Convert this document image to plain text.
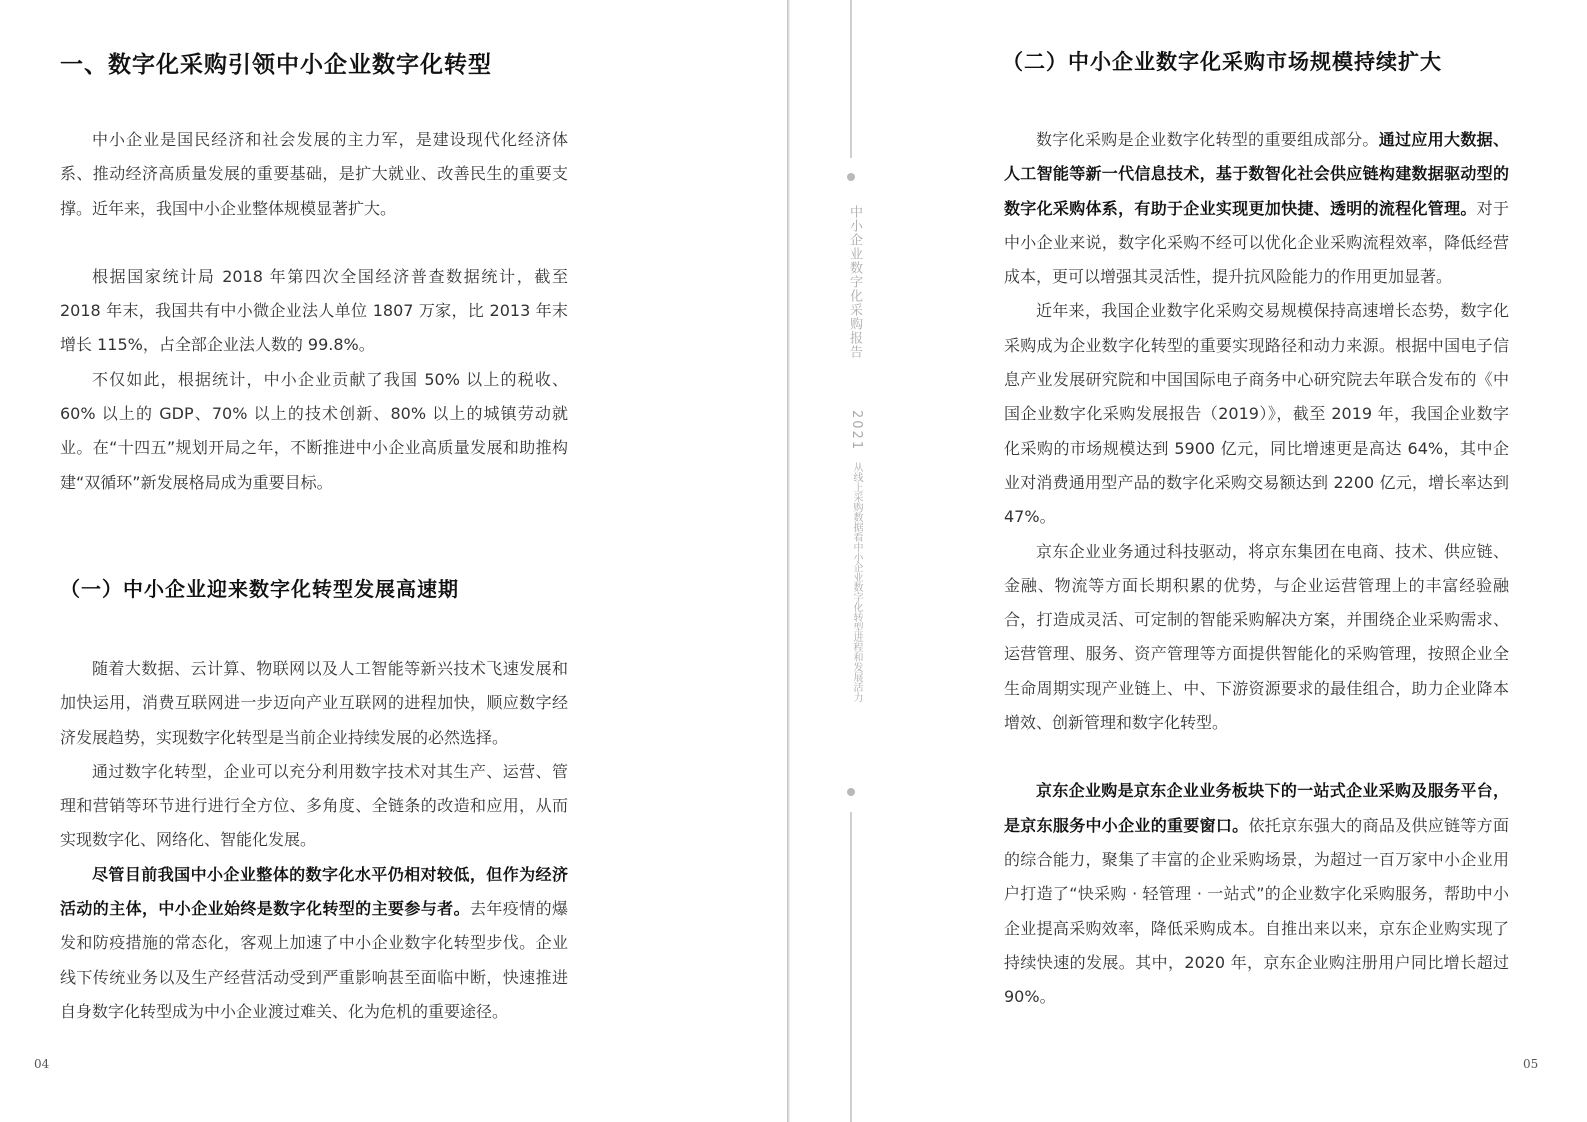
一、数字化采购引领中小企业数字化转型

中小企业是国民经济和社会发展的主力军，是建设现代化经济体系、推动经济高质量发展的重要基础，是扩大就业、改善民生的重要支撑。近年来，我国中小企业整体规模显著扩大。

根据国家统计局 2018 年第四次全国经济普查数据统计，截至 2018 年末，我国共有中小微企业法人单位 1807 万家，比 2013 年末增长 115%，占全部企业法人数的 99.8%。

不仅如此，根据统计，中小企业贡献了我国 50% 以上的税收、60% 以上的 GDP、70% 以上的技术创新、80% 以上的城镇劳动就业。在“十四五”规划开局之年，不断推进中小企业高质量发展和助推构建“双循环”新发展格局成为重要目标。

（一）中小企业迎来数字化转型发展高速期

随着大数据、云计算、物联网以及人工智能等新兴技术飞速发展和加快运用，消费互联网进一步迈向产业互联网的进程加快，顺应数字经济发展趋势，实现数字化转型是当前企业持续发展的必然选择。

通过数字化转型，企业可以充分利用数字技术对其生产、运营、管理和营销等环节进行进行全方位、多角度、全链条的改造和应用，从而实现数字化、网络化、智能化发展。

尽管目前我国中小企业整体的数字化水平仍相对较低，但作为经济活动的主体，中小企业始终是数字化转型的主要参与者。去年疫情的爆发和防疫措施的常态化，客观上加速了中小企业数字化转型步伐。企业线下传统业务以及生产经营活动受到严重影响甚至面临中断，快速推进自身数字化转型成为中小企业渡过难关、化为危机的重要途径。

04
中小企业数字化采购报告
2021
从线上采购数据看中小企业数字化转型进程和发展活力
（二）中小企业数字化采购市场规模持续扩大

数字化采购是企业数字化转型的重要组成部分。通过应用大数据、人工智能等新一代信息技术，基于数智化社会供应链构建数据驱动型的数字化采购体系，有助于企业实现更加快捷、透明的流程化管理。对于中小企业来说，数字化采购不经可以优化企业采购流程效率，降低经营成本，更可以增强其灵活性，提升抗风险能力的作用更加显著。

近年来，我国企业数字化采购交易规模保持高速增长态势，数字化采购成为企业数字化转型的重要实现路径和动力来源。根据中国电子信息产业发展研究院和中国国际电子商务中心研究院去年联合发布的《中国企业数字化采购发展报告（2019）》，截至 2019 年，我国企业数字化采购的市场规模达到 5900 亿元，同比增速更是高达 64%，其中企业对消费通用型产品的数字化采购交易额达到 2200 亿元，增长率达到 47%。

京东企业业务通过科技驱动，将京东集团在电商、技术、供应链、金融、物流等方面长期积累的优势，与企业运营管理上的丰富经验融合，打造成灵活、可定制的智能采购解决方案，并围绕企业采购需求、运营管理、服务、资产管理等方面提供智能化的采购管理，按照企业全生命周期实现产业链上、中、下游资源要求的最佳组合，助力企业降本增效、创新管理和数字化转型。

京东企业购是京东企业业务板块下的一站式企业采购及服务平台，是京东服务中小企业的重要窗口。依托京东强大的商品及供应链等方面的综合能力，聚集了丰富的企业采购场景，为超过一百万家中小企业用户打造了“快采购 · 轻管理 · 一站式”的企业数字化采购服务，帮助中小企业提高采购效率，降低采购成本。自推出来以来，京东企业购实现了持续快速的发展。其中，2020 年，京东企业购注册用户同比增长超过 90%。

05
